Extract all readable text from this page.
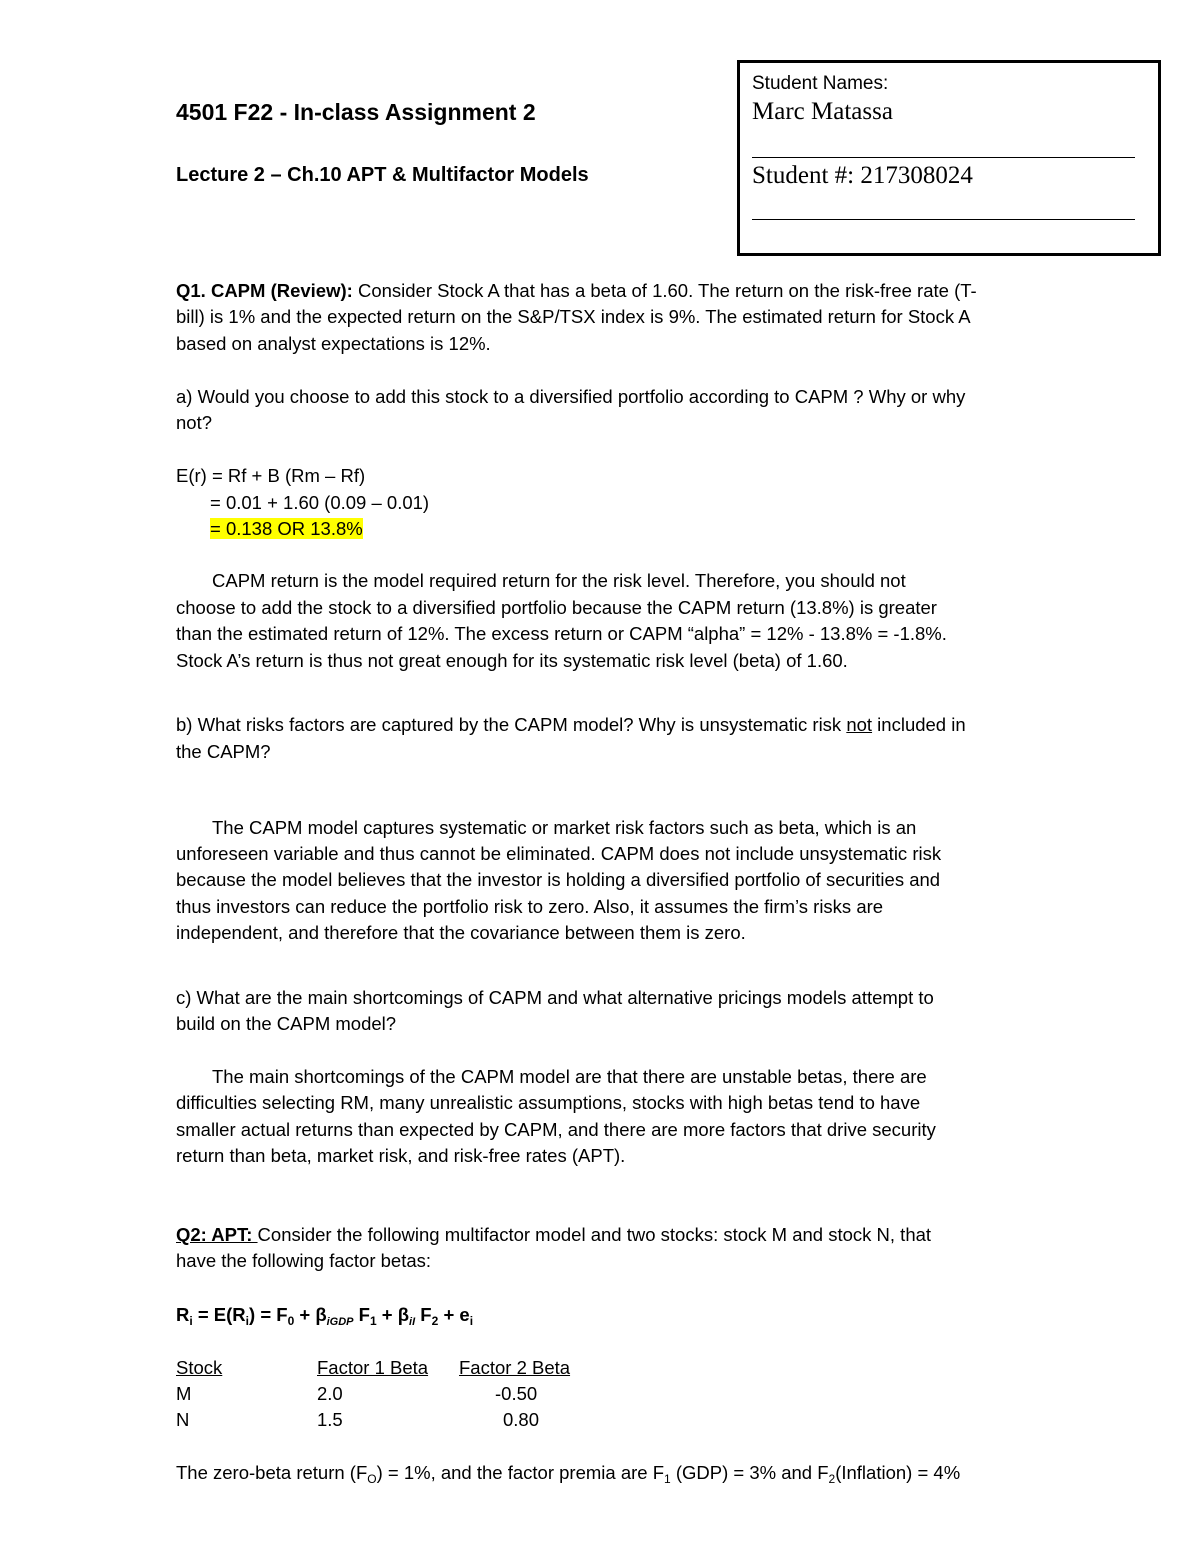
4501 F22 - In-class Assignment 2
Lecture 2 – Ch.10 APT & Multifactor Models
Student Names:
Marc Matassa
Student #: 217308024
Q1. CAPM (Review): Consider Stock A that has a beta of 1.60. The return on the risk-free rate (T-
bill) is 1% and the expected return on the S&P/TSX index is 9%. The estimated return for Stock A
based on analyst expectations is 12%.
a) Would you choose to add this stock to a diversified portfolio according to CAPM ? Why or why
not?
E(r) = Rf + B (Rm – Rf)
= 0.01 + 1.60 (0.09 – 0.01)
= 0.138 OR 13.8%
CAPM return is the model required return for the risk level. Therefore, you should not
choose to add the stock to a diversified portfolio because the CAPM return (13.8%) is greater
than the estimated return of 12%. The excess return or CAPM “alpha” = 12% - 13.8% = -1.8%.
Stock A’s return is thus not great enough for its systematic risk level (beta) of 1.60.
b) What risks factors are captured by the CAPM model? Why is unsystematic risk not included in
the CAPM?
The CAPM model captures systematic or market risk factors such as beta, which is an
unforeseen variable and thus cannot be eliminated. CAPM does not include unsystematic risk
because the model believes that the investor is holding a diversified portfolio of securities and
thus investors can reduce the portfolio risk to zero. Also, it assumes the firm’s risks are
independent, and therefore that the covariance between them is zero.
c) What are the main shortcomings of CAPM and what alternative pricings models attempt to
build on the CAPM model?
The main shortcomings of the CAPM model are that there are unstable betas, there are
difficulties selecting RM, many unrealistic assumptions, stocks with high betas tend to have
smaller actual returns than expected by CAPM, and there are more factors that drive security
return than beta, market risk, and risk-free rates (APT).
Q2: APT: Consider the following multifactor model and two stocks: stock M and stock N, that
have the following factor betas:
$R_i = E(R_i) = F_0 + \beta_{iGDP}$ $F_1 + \beta_{iI}$ $F_2 + e_i$
Stock	Factor 1 Beta Factor 2 Beta
M	2.0	-0.50
N	1.5	0.80
The zero-beta return $(F_O) = 1\%$, and the factor premia are $F_1$ (GDP) = 3% and $F_2(Inflation) = 4\%$
